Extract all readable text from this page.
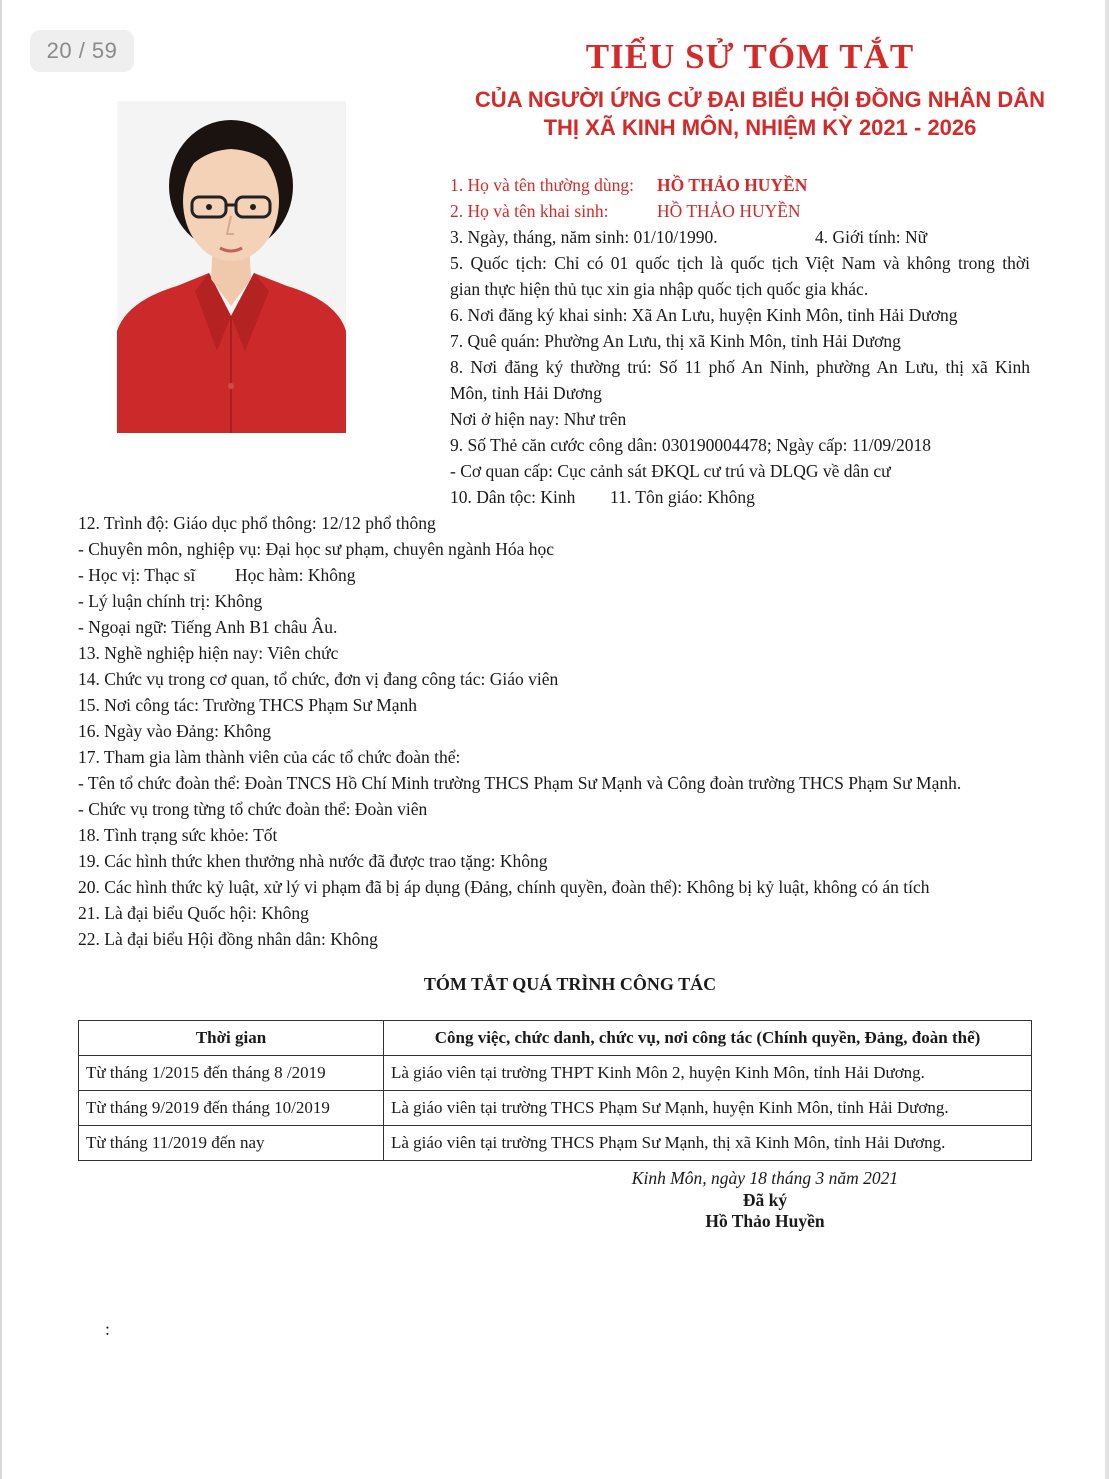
20 / 59	TIỂU SỬ TÓM TẮT
CỦA NGƯỜI ỨNG CỬ ĐẠI BIỂU HỘI ĐỒNG NHÂN DÂN
THỊ XÃ KINH MÔN, NHIỆM KỲ 2021 - 2026
1. Họ và tên thường dùng: HỒ THẢO HUYỀN
2. Họ và tên khai sinh:	HỒ THẢO HUYỀN
3. Ngày, tháng, năm sinh: 01/10/1990.	4. Giới tính: Nữ
5. Quốc tịch: Chỉ có 01 quốc tịch là quốc tịch Việt Nam và không trong thời
gian thực hiện thủ tục xin gia nhập quốc tịch quốc gia khác.
6. Nơi đăng ký khai sinh: Xã An Lưu, huyện Kinh Môn, tỉnh Hải Dương
7. Quê quán: Phường An Lưu, thị xã Kinh Môn, tỉnh Hải Dương
8. Nơi đăng ký thường trú: Số 11 phố An Ninh, phường An Lưu, thị xã Kinh
Môn, tỉnh Hải Dương
Nơi ở hiện nay: Như trên
9. Số Thẻ căn cước công dân: 030190004478; Ngày cấp: 11/09/2018
- Cơ quan cấp: Cục cảnh sát ĐKQL cư trú và DLQG về dân cư
10. Dân tộc: Kinh 11. Tôn giáo: Không
12. Trình độ: Giáo dục phổ thông: 12/12 phổ thông
- Chuyên môn, nghiệp vụ: Đại học sư phạm, chuyên ngành Hóa học
- Học vị: Thạc sĩ Học hàm: Không
- Lý luận chính trị: Không
- Ngoại ngữ: Tiếng Anh B1 châu Âu.
13. Nghề nghiệp hiện nay: Viên chức
14. Chức vụ trong cơ quan, tổ chức, đơn vị đang công tác: Giáo viên
15. Nơi công tác: Trường THCS Phạm Sư Mạnh
16. Ngày vào Đảng: Không
17. Tham gia làm thành viên của các tổ chức đoàn thể:
- Tên tổ chức đoàn thể: Đoàn TNCS Hồ Chí Minh trường THCS Phạm Sư Mạnh và Công đoàn trường THCS Phạm Sư Mạnh.
- Chức vụ trong từng tổ chức đoàn thể: Đoàn viên
18. Tình trạng sức khỏe: Tốt
19. Các hình thức khen thưởng nhà nước đã được trao tặng: Không
20. Các hình thức kỷ luật, xử lý vi phạm đã bị áp dụng (Đảng, chính quyền, đoàn thể): Không bị kỷ luật, không có án tích
21. Là đại biểu Quốc hội: Không
22. Là đại biểu Hội đồng nhân dân: Không
TÓM TẮT QUÁ TRÌNH CÔNG TÁC
Thời gian	Công việc, chức danh, chức vụ, nơi công tác (Chính quyền, Đảng, đoàn thể)
Từ tháng 1/2015 đến tháng 8 /2019	Là giáo viên tại trường THPT Kinh Môn 2, huyện Kinh Môn, tỉnh Hải Dương.
Từ tháng 9/2019 đến tháng 10/2019	Là giáo viên tại trường THCS Phạm Sư Mạnh, huyện Kinh Môn, tỉnh Hải Dương.
Từ tháng 11/2019 đến nay	Là giáo viên tại trường THCS Phạm Sư Mạnh, thị xã Kinh Môn, tỉnh Hải Dương.
Kinh Môn, ngày 18 tháng 3 năm 2021
Đã ký
Hồ Thảo Huyền
:
